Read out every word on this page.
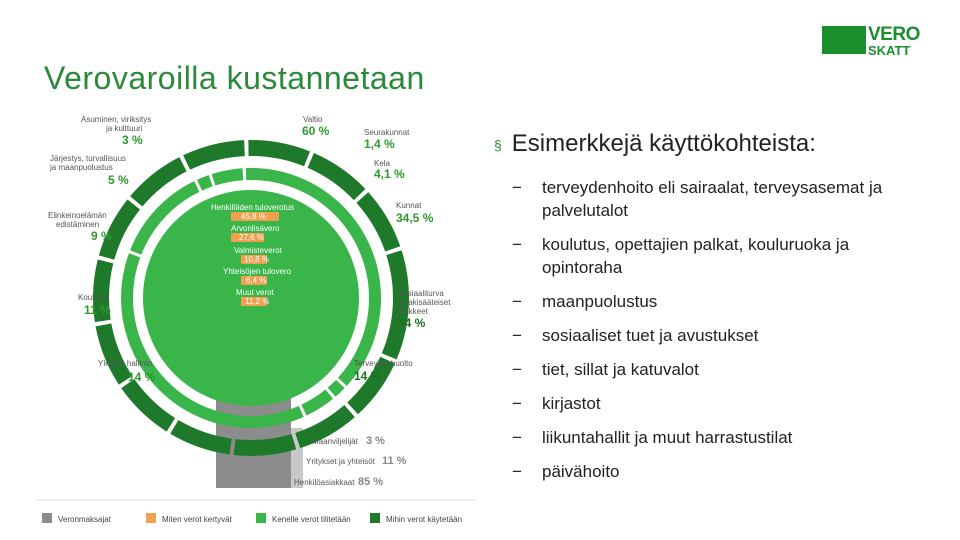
VERO
SKATT
Verovaroilla kustannetaan
Henkilöiden tuloverotus
45,8 %
Arvonlisävero
27,6 %
Valmisteverot
10,8 %
Yhteisöjen tulovero
6,4 %
Muut verot
11,2 %
Asuminen, viriksitys
ja kulttuuri
3 %
Järjestys, turvallisuus
ja maanpuolustus
5 %
Elinkeinoelämän
edistäminen
9 %
Koulutus
11 %
Yleinen hallinto
14 %
Valtio
60 %	Seurakunnat
1,4 %
Kela
4,1 %
Kunnat
34,5 %
Sosiaaliturva
ja lakisääteiset
eläkkeet
44 %
Terveydenhuolto
14 %
Maanviljelijät 3 %
Yritykset ja yhteisöt 11 %
Henkilöasiakkaat 85 %
Veronmaksajat	Miten verot kertyvät	Kenelle verot tilitetään	Mihin verot käytetään
§ Esimerkkejä käyttökohteista:
−	terveydenhoito eli sairaalat, terveysasemat ja palvelutalot
−	koulutus, opettajien palkat, kouluruoka ja opintoraha
−	maanpuolustus
−	sosiaaliset tuet ja avustukset
−	tiet, sillat ja katuvalot
−	kirjastot
−	liikuntahallit ja muut harrastustilat
−	päivähoito
